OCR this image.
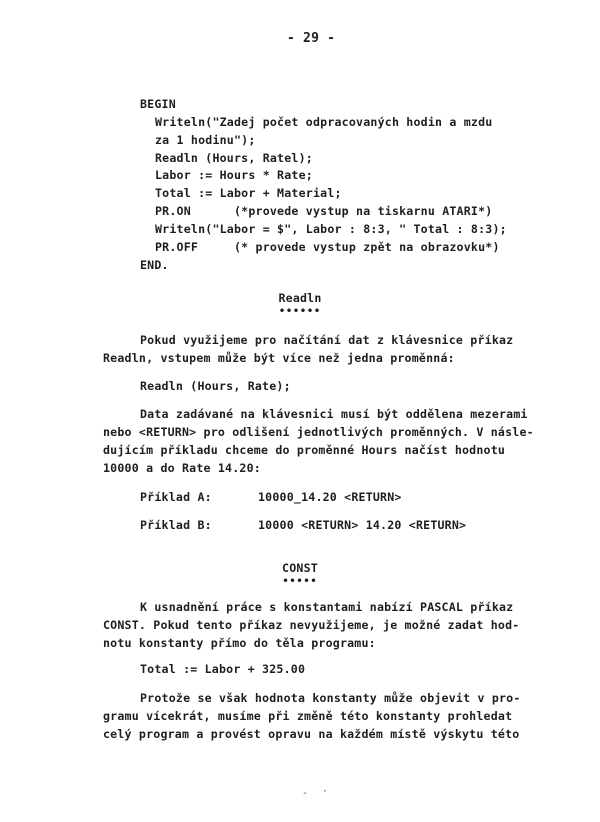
- 29 -
BEGIN
Writeln("Zadej počet odpracovaných hodin a mzdu
za 1 hodinu");
Readln (Hours, Ratel);
Labor := Hours * Rate;
Total := Labor + Material;
PR.ON      (*provede vystup na tiskarnu ATARI*)
Writeln("Labor = $", Labor : 8:3, " Total : 8:3);
PR.OFF     (* provede vystup zpět na obrazovku*)
END.
Readln
••••••
Pokud využijeme pro načítání dat z klávesnice příkaz
Readln, vstupem může být více než jedna proměnná:
Readln (Hours, Rate);
Data zadávané na klávesnici musí být oddělena mezerami
nebo <RETURN> pro odlišení jednotlivých proměnných. V násle-
dujícím příkladu chceme do proměnné Hours načíst hodnotu
10000 a do Rate 14.20:
Příklad A:	10000_14.20 <RETURN>
Příklad B:	10000 <RETURN> 14.20 <RETURN>
CONST
•••••
K usnadnění práce s konstantami nabízí PASCAL příkaz
CONST. Pokud tento příkaz nevyužijeme, je možné zadat hod-
notu konstanty přímo do těla programu:
Total := Labor + 325.00
Protože se však hodnota konstanty může objevit v pro-
gramu vícekrát, musíme při změně této konstanty prohledat
celý program a provést opravu na každém místě výskytu této
- ·
